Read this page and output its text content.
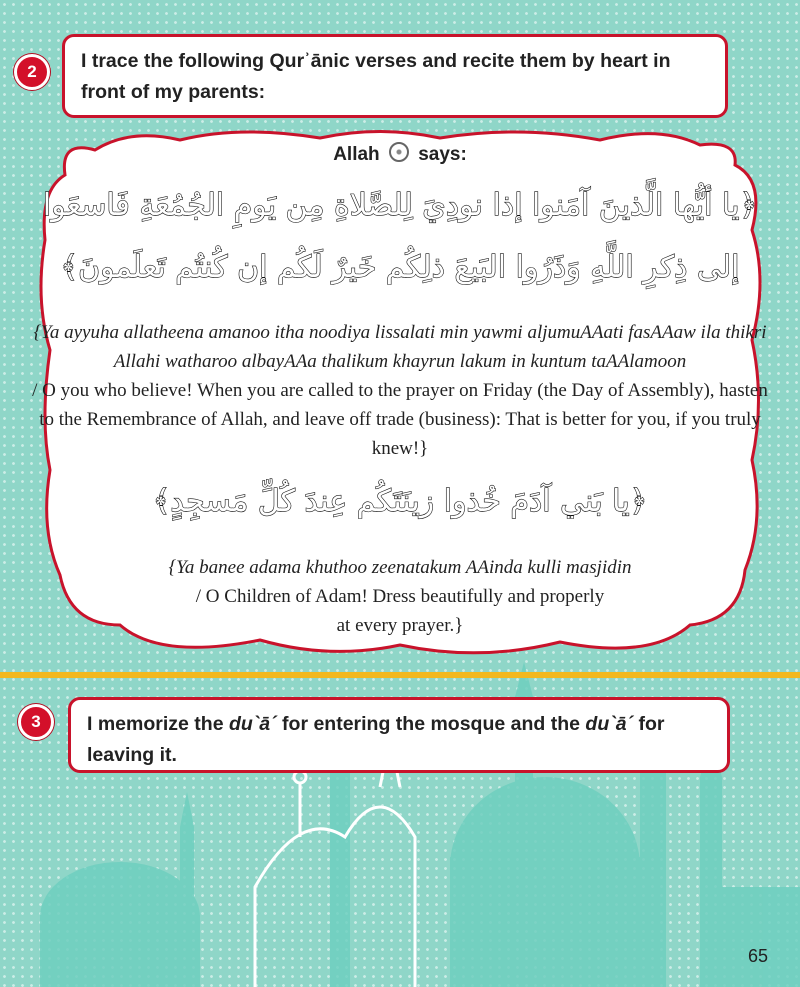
2	I trace the following Qurʾānic verses and recite them by heart in front of my parents:
Allah says:
﴿يا أيُّها الَّذينَ آمَنوا إذا نودِيَ لِلصَّلاةِ مِن يَومِ الجُمُعَةِ فَاسعَوا
إلى ذِكرِ اللَّهِ وَذَرُوا البَيعَ ذلِكُم خَيرٌ لَكُم إن كُنتُم تَعلَمونَ﴾
{Ya ayyuha allatheena amanoo itha noodiya lissalati min yawmi aljumuAAati fasAAaw ila thikri Allahi watharoo albayAAa thalikum khayrun lakum in kuntum taAAlamoon
/ O you who believe! When you are called to the prayer on Friday (the Day of Assembly), hasten to the Remembrance of Allah, and leave off trade (business): That is better for you, if you truly knew!}
﴿يا بَني آدَمَ خُذوا زينَتَكُم عِندَ كُلِّ مَسجِدٍ﴾
{Ya banee adama khuthoo zeenatakum AAinda kulli masjidin
/ O Children of Adam! Dress beautifully and properly at every prayer.}
3	I memorize the du`ā´ for entering the mosque and the du`ā´ for leaving it.
65
